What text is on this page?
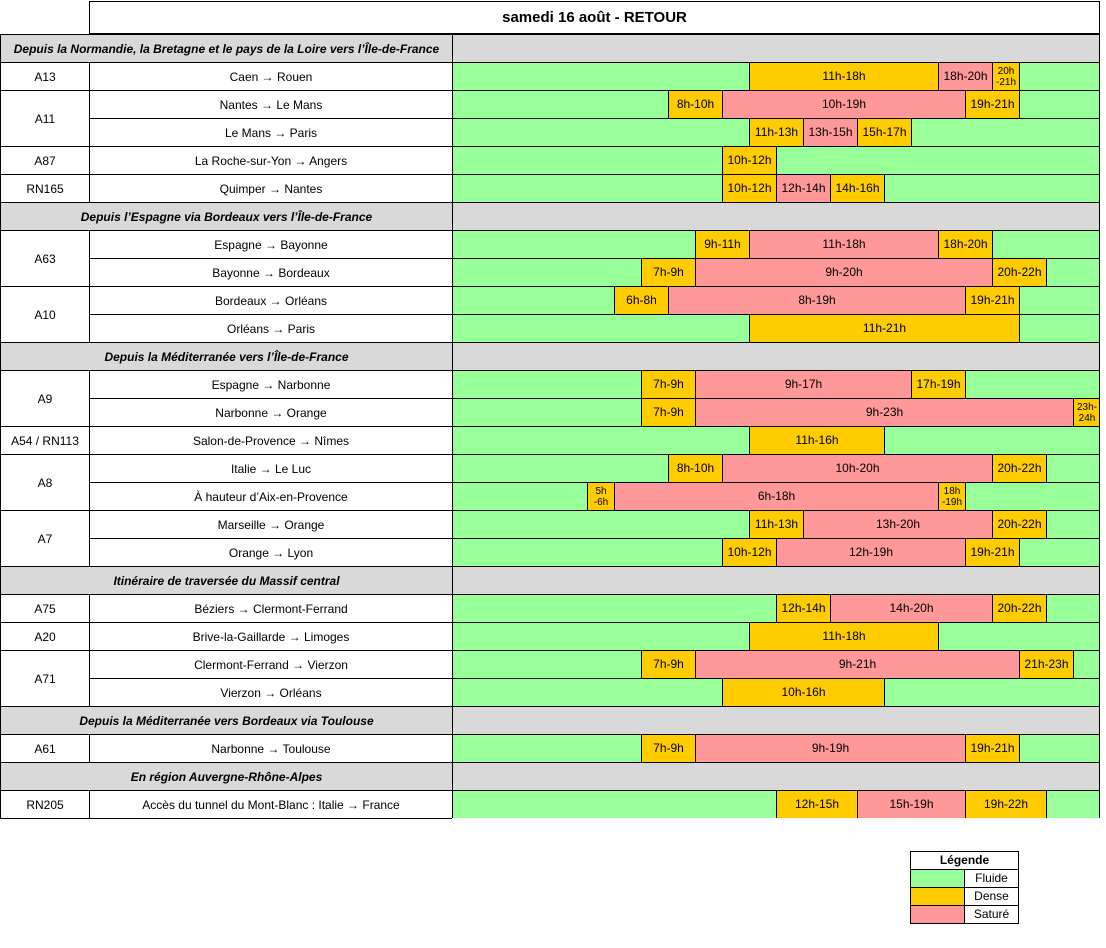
samedi 16 août - RETOUR
Depuis la Normandie, la Bretagne et le pays de la Loire vers l’Île-de-France
A13	Caen → Rouen	11h-18h	18h-20h	20h -21h
A11
Nantes → Le Mans	8h-10h	10h-19h	19h-21h
Le Mans → Paris	11h-13h 13h-15h 15h-17h
A87	La Roche-sur-Yon → Angers	10h-12h
RN165	Quimper → Nantes	10h-12h 12h-14h 14h-16h
Depuis l’Espagne via Bordeaux vers l’Île-de-France
A63
Espagne → Bayonne	9h-11h	11h-18h	18h-20h
Bayonne → Bordeaux	7h-9h	9h-20h	20h-22h
A10
Bordeaux → Orléans	6h-8h	8h-19h	19h-21h
Orléans → Paris	11h-21h
Depuis la Méditerranée vers l’Île-de-France
A9
Espagne → Narbonne	7h-9h	9h-17h	17h-19h
Narbonne → Orange	7h-9h	9h-23h	23h- 24h
A54 / RN113	Salon-de-Provence → Nîmes	11h-16h
A8
Italie → Le Luc	8h-10h	10h-20h	20h-22h
À hauteur d’Aix-en-Provence	5h -6h	6h-18h	18h -19h
A7
Marseille → Orange	11h-13h	13h-20h	20h-22h
Orange → Lyon	10h-12h	12h-19h	19h-21h
Itinéraire de traversée du Massif central
A75	Béziers → Clermont-Ferrand	12h-14h	14h-20h	20h-22h
A20	Brive-la-Gaillarde → Limoges	11h-18h
A71
Clermont-Ferrand → Vierzon	7h-9h	9h-21h	21h-23h
Vierzon → Orléans	10h-16h
Depuis la Méditerranée vers Bordeaux via Toulouse
A61	Narbonne → Toulouse	7h-9h	9h-19h	19h-21h
En région Auvergne-Rhône-Alpes
RN205	Accès du tunnel du Mont-Blanc : Italie → France	12h-15h	15h-19h	19h-22h
Légende
Fluide
Dense
Saturé
